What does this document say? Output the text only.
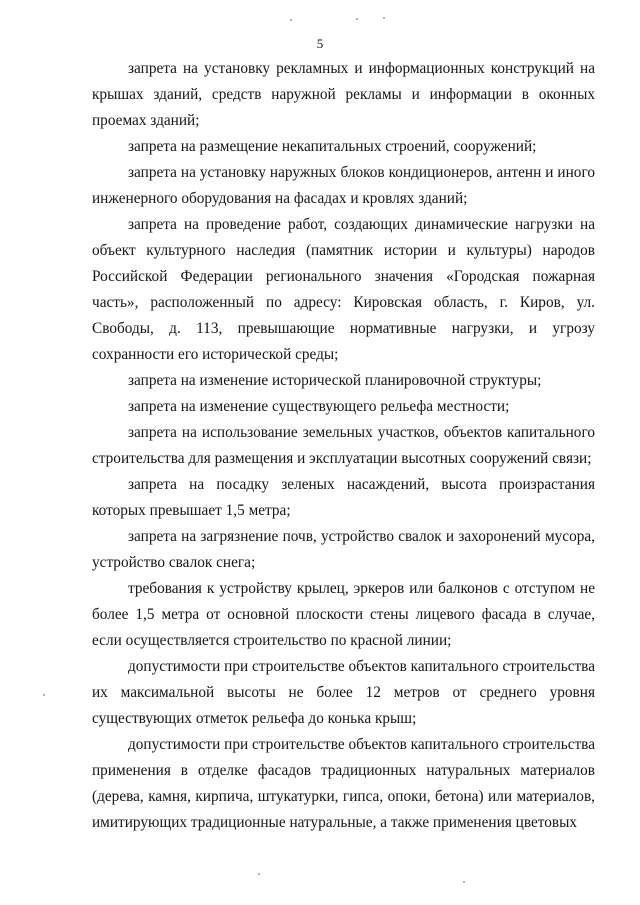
5

запрета на установку рекламных и информационных конструкций на крышах зданий, средств наружной рекламы и информации в оконных проемах зданий;

запрета на размещение некапитальных строений, сооружений;

запрета на установку наружных блоков кондиционеров, антенн и иного инженерного оборудования на фасадах и кровлях зданий;

запрета на проведение работ, создающих динамические нагрузки на объект культурного наследия (памятник истории и культуры) народов Российской Федерации регионального значения «Городская пожарная часть», расположенный по адресу: Кировская область, г. Киров, ул. Свободы, д. 113, превышающие нормативные нагрузки, и угрозу сохранности его исторической среды;

запрета на изменение исторической планировочной структуры;

запрета на изменение существующего рельефа местности;

запрета на использование земельных участков, объектов капитального строительства для размещения и эксплуатации высотных сооружений связи;

запрета на посадку зеленых насаждений, высота произрастания которых превышает 1,5 метра;

запрета на загрязнение почв, устройство свалок и захоронений мусора, устройство свалок снега;

требования к устройству крылец, эркеров или балконов с отступом не более 1,5 метра от основной плоскости стены лицевого фасада в случае, если осуществляется строительство по красной линии;

допустимости при строительстве объектов капитального строительства их максимальной высоты не более 12 метров от среднего уровня существующих отметок рельефа до конька крыш;

допустимости при строительстве объектов капитального строительства применения в отделке фасадов традиционных натуральных материалов (дерева, камня, кирпича, штукатурки, гипса, опоки, бетона) или материалов, имитирующих традиционные натуральные, а также применения цветовых
